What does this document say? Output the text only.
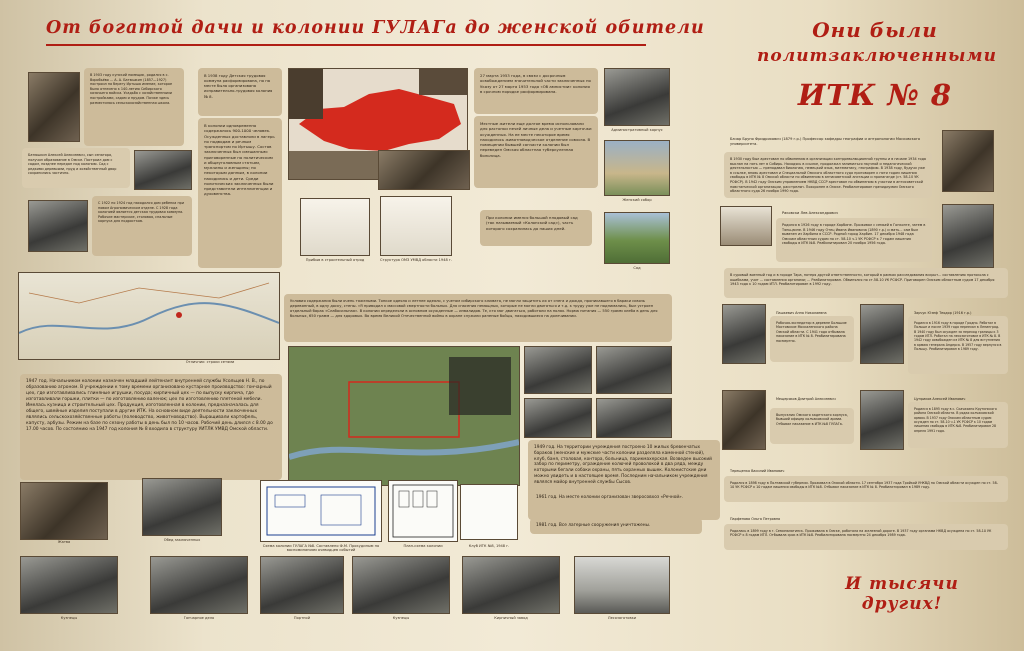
От богатой дачи и колонии ГУЛАГа до женской обители	Они были
политзаключенными
ИТК № 8
В 1903 году купский помещик, родился в с. Воробьёво ... А. А. Батюшкин (1857—1927) построил на берегу Иртыша имение, которое было отнесено к 140-летию Сибирского казачьего войска. Усадьба с хозяйственными постройками, садом и прудом. Позже здесь разместилась сельскохозяйственная школа.
Батюшкин Алексей Алексеевич, сын сенатора, получил образование в Омске. Построил дом с садом, позднее передан под колонию. Сад с редкими деревьями, пруд и хозяйственный двор сохранились частично.
С 1922 по 1924 год находился дом ребенка при новом Агрономическом отделе. С 1928 года колонией является детская трудовая коммуна. Рабочие мастерские, столовая, спальные корпуса для подростков.
В 1938 году Детская трудовая коммуна расформирована, но на месте была организована исправительно-трудовая колония № 8.
В колонии одновременно содержалось 900-1000 человек. Осужденных доставляли в лагерь по подводам и речным транспортом по Иртышу. Состав заключенных был смешанным: приговоренные по политическим и общеуголовным статьям, мужчины и женщины; по некоторым данным, в колонии находились и дети. Среди политических заключенных были представители интеллигенции и духовенства.
Прибыв в строительный отряд	Структура ОМЗ УМВД области 1948 г.
27 марта 1953 года, в связи с досрочным освобождением значительной части заключенных по Указу от 27 марта 1953 года «Об амнистии» колония в срочном порядке расформирована.
Местные жители еще долгое время использовали для растопки печей личные дела и учетные карточки осужденных. На ее месте некоторое время находилось животноводческое отделение совхоза. В помещении бывшей санчасти колонии был переведен Омская областная туберкулезная больница.
При колонии имелся большой плодовый сад (так называемый «Колонский сад»), часть которого сохранилась до наших дней.
Административный корпус
Женский собор
Сад
Отличник: строки сетями
Условия содержания были очень тяжелыми. Тонкое одеяло и летнее одеяло, с учетом сибирского климата, не могли защитить их от снега и дождя, проникавшего в бараки сквозь деревянный, в одну доску, стены. «Я приводил к массовой смертности больных. Для спасения немощных, которые не могли двигаться и т.д. к труду уже не поднимались, был устроен отдельный барак «Слабосильная». В колонии определяли в основном осужденные — инвалидов. Те, кто мог двигаться, работали на полях. Норма питания — 550 грамм хлеба в день для больных, 650 грамм — для здоровых. Во время Великой Отечественной войны в охране служили раненые бойцы, находившиеся на долечивании.
1947 год. Начальником колонии назначен младший лейтенант внутренней службы Усольцев Н. В., по образованию агроном. В учреждении к тому времени организовано кустарное производство: гончарный цех, где изготавливались глиняные игрушки, посуда; кирпичный цех — по выпуску кирпича, где изготавливали горшки, плитки — по изготовлению валенок; цех по изготовлению плетеной мебели. Имелась кузница и строительный цех. Продукция, изготовленная в колонии, предназначалась для общего, швейные изделия поступали в другие ИТК. На основном виде деятельности заключенных являлись сельскохозяйственные работы (полеводство, животноводство). Выращивали картофель, капусту, арбузы. Режим на базе по сезону работы в день был по 10 часов. Рабочий день длился с 8.00 до 17.00 часов. По состоянию на 1947 год колония № 8 входила в структуру УИТЛК УМВД Омской области.
1949 год. На территории учреждения построено 10 жилых бревенчатых бараков (женские и мужские части колонии разделяла каменной стеной), клуб, баня, столовая, контора, больница, парикмахерская. Возведен высокий забор по периметру, ограждение колючей проволокой в два ряда, между которыми бегали собаки охраны, пять охранных вышек. Колонистские дни можно увидеть и в настоящее время. Последним начальником учреждения являлся майор внутренней службы Сысов.
Жатва	Обед заключенных
Схема колонии ГУЛАГА №8. Составлено Ф.М. Прокудиным по воспоминаниям очевидцев событий
План-схема колонии	Клуб ИТК №8, 1948 г.
Кузнецы	Гончарное дело	Портной	Кузнецы	Кирпичный завод	Лесозаготовки
1961 год. На месте колонии организован зверосовхоз «Речной».
1981 год. Все лагерные сооружения уничтожены.
Бачар Бруно Фридрихович (1879 г.р.) Профессор кафедры географии и антропологии Московского университета.
В 1930 году был арестован по обвинению в организации контрреволюционной группы и в начале 1934 года выслан на пять лет в Сибирь. Находясь в ссылке, продолжал заниматься научной и педагогической деятельностью — преподавал биологию, немецкий язык, математику, географию. В 1938 году, будучи уже в ссылке, вновь арестован и Специальной Омского областного суда приговорен к пяти годам лишения свободы в ИТК № 8 Омской области по обвинению в антисоветской агитации и пропаганде (ст. 58-10 УК РСФСР). В 1942 году Омским управлением НКВД СССР арестован по обвинению в участии в антисоветской повстанческой организации, расстрелян. Похоронен в Омске. Реабилитирован президиумом Омского областного суда 26 ноября 1990 года.
Раковски Лев Александрович
Родился в 1926 году в городе Харбине. Проживал с семьей в Гонконге, затем в Тяньцзине. В 1946 году Отец Ивана Ивановича (1890 г.р.) и мать... сам был вывезен из Харбина в СССР. Родной город Харбин. 17 декабря 1948 года Омским областным судом по ст. 58-10 ч.1 УК РСФСР к 7 годам лишения свободы в ИТК №8. Реабилитирован 20 ноября 1956 года.
В суровый военный год и в городе Тара, потеря другой ответственности, который в рамках расследования вскрыт... составлению протокола с ошибками, учит ... составления органами; ... Реабилитирован. Обвинялся по ст.58-10 УК РСФСР. Приговорен Омским областным судом 17 декабря 1943 года к 10 годам ИТЛ. Реабилитирован в 1992 году.
Пашкевич Анна Николаевна
Рабочая-экспедитор в деревне Большие Мостовские Москаленского района Омской области. С 1941 года отбывала наказание в ИТК № 8. Реабилитирована посмертно.
Зарчук Юзеф Теодор (1916 г.р.)
Родился в 1916 году в городе Гродно. Работал в Польше и после 1939 года переехал в Ленинград. В 1940 году был осужден за переход границы к 3 годам ИТЛ. Работал на лесозаготовке в ИТК № 8. В 1942 году освобожден из ИТК № 8 для вступления в армию генерала Андерса. В 1957 году вернулся в Польшу. Реабилитирован в 1989 году.
Мещеряков Дмитрий Алексеевич
Выпускник Омского кадетского корпуса, бывший офицер колчаковской армии. Отбывал наказание в ИТК №8 ГУЛАГа.
Цуприков Алексей Иванович
Родился в 1895 году в с. Скачихино Крутинского района Омской области. В рядах колчаковской армии. В 1937 году Омским областным судом осужден по ст. 58-10 ч.1 УК РСФСР к 10 годам лишения свободы в ИТК №8. Реабилитирован 28 апреля 1991 года.
Терещенко Василий Иванович
Родился в 1898 году в Полтавской губернии. Проживал в Омской области. 17 сентября 1937 года Тройкой УНКВД по Омской области осужден по ст. 58-10 УК РСФСР к 10 годам лишения свободы в ИТК №8. Отбывал наказание в ИТК № 8. Реабилитирован в 1989 году.
Парфенова Ольга Петровна
Родилась в 1899 году в г. Семипалатинск. Проживала в Омске, работала на железной дороге. В 1937 году органами НКВД осуждена по ст. 58-10 УК РСФСР к 8 годам ИТЛ. Отбывала срок в ИТК №8. Реабилитирована посмертно 24 декабря 1989 года.
И тысячи других!
